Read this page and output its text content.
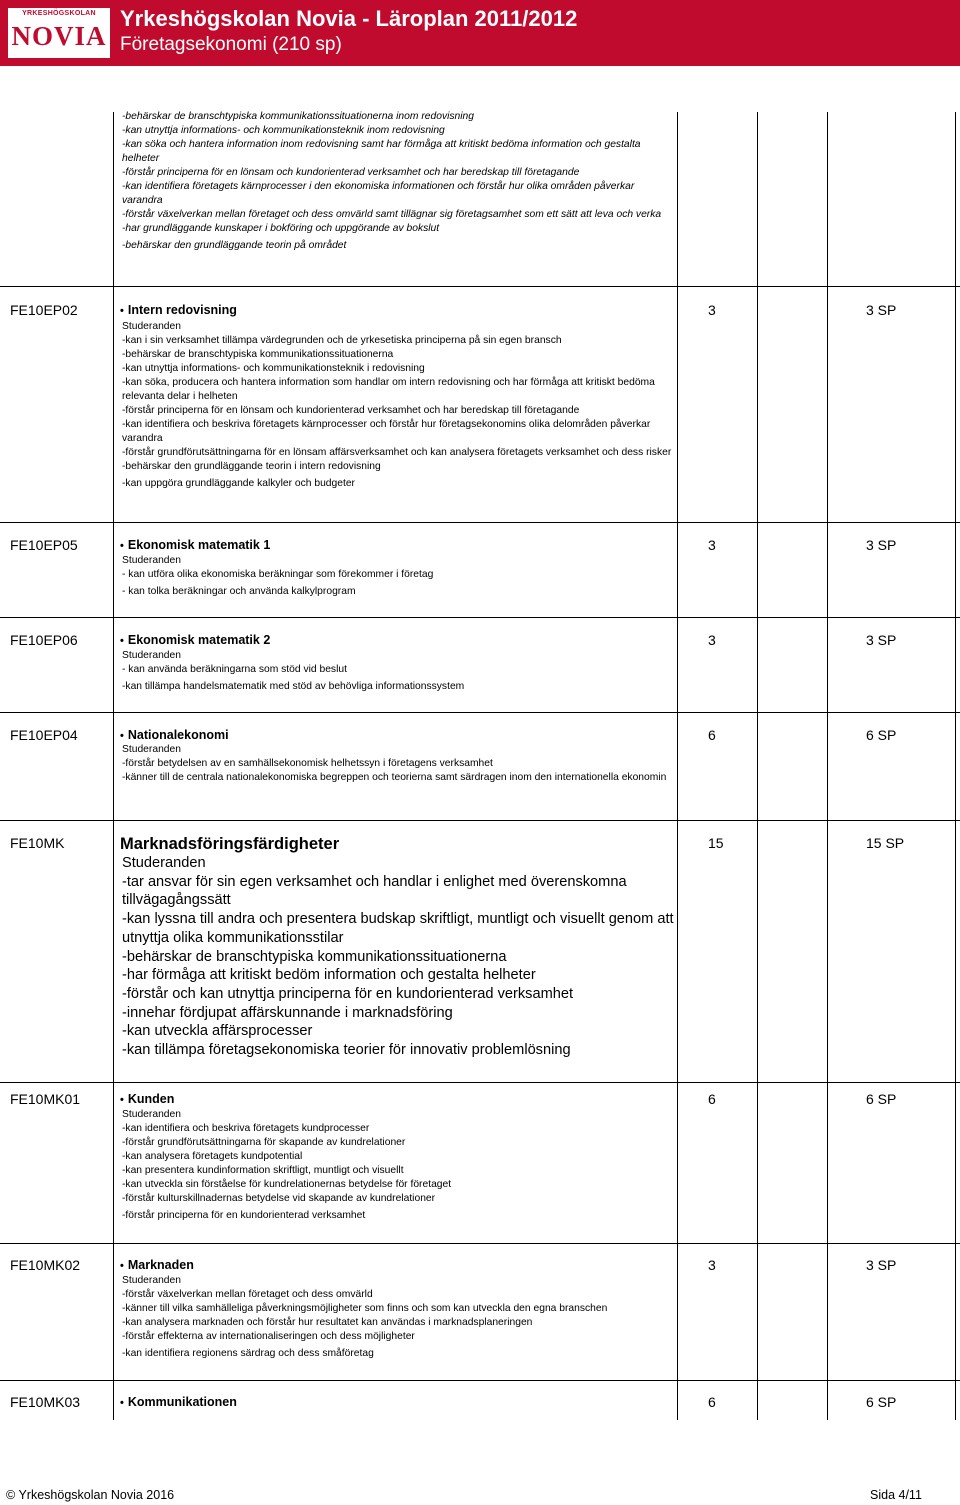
YRKESHÖGSKOLAN
NOVIA
Yrkeshögskolan Novia - Läroplan 2011/2012
Företagsekonomi (210 sp)
-behärskar de branschtypiska kommunikationssituationerna inom redovisning
-kan utnyttja informations- och kommunikationsteknik inom redovisning
-kan söka och hantera information inom redovisning samt har förmåga att kritiskt bedöma information och gestalta helheter
-förstår principerna för en lönsam och kundorienterad verksamhet och har beredskap till företagande
-kan identifiera företagets kärnprocesser i den ekonomiska informationen och förstår hur olika områden påverkar varandra
-förstår växelverkan mellan företaget och dess omvärld samt tillägnar sig företagsamhet som ett sätt att leva och verka
-har grundläggande kunskaper i bokföring och uppgörande av bokslut
-behärskar den grundläggande teorin på området
FE10EP02	• Intern redovisning	3	3 SP
Studeranden
-kan i sin verksamhet tillämpa värdegrunden och de yrkesetiska principerna på sin egen bransch
-behärskar de branschtypiska kommunikationssituationerna
-kan utnyttja informations- och kommunikationsteknik i redovisning
-kan söka, producera och hantera information som handlar om intern redovisning och har förmåga att kritiskt bedöma relevanta delar i helheten
-förstår principerna för en lönsam och kundorienterad verksamhet och har beredskap till företagande
-kan identifiera och beskriva företagets kärnprocesser och förstår hur företagsekonomins olika delområden påverkar varandra
-förstår grundförutsättningarna för en lönsam affärsverksamhet och kan analysera företagets verksamhet och dess risker
-behärskar den grundläggande teorin i intern redovisning
-kan uppgöra grundläggande kalkyler och budgeter
FE10EP05	• Ekonomisk matematik 1	3	3 SP
Studeranden
- kan utföra olika ekonomiska beräkningar som förekommer i företag
- kan tolka beräkningar och använda kalkylprogram
FE10EP06	• Ekonomisk matematik 2	3	3 SP
Studeranden
- kan använda beräkningarna som stöd vid beslut
-kan tillämpa handelsmatematik med stöd av behövliga informationssystem
FE10EP04	• Nationalekonomi	6	6 SP
Studeranden
-förstår betydelsen av en samhällsekonomisk helhetssyn i företagens verksamhet
-känner till de centrala nationalekonomiska begreppen och teorierna samt särdragen inom den internationella ekonomin
FE10MK	Marknadsföringsfärdigheter	15	15 SP
Studeranden
-tar ansvar för sin egen verksamhet och handlar i enlighet med överenskomna tillvägagångssätt
-kan lyssna till andra och presentera budskap skriftligt, muntligt och visuellt genom att utnyttja olika kommunikationsstilar
-behärskar de branschtypiska kommunikationssituationerna
-har förmåga att kritiskt bedöm information och gestalta helheter
-förstår och kan utnyttja principerna för en kundorienterad verksamhet
-innehar fördjupat affärskunnande i marknadsföring
-kan utveckla affärsprocesser
-kan tillämpa företagsekonomiska teorier för innovativ problemlösning
FE10MK01	• Kunden	6	6 SP
Studeranden
-kan identifiera och beskriva företagets kundprocesser
-förstår grundförutsättningarna för skapande av kundrelationer
-kan analysera företagets kundpotential
-kan presentera kundinformation skriftligt, muntligt och visuellt
-kan utveckla sin förståelse för kundrelationernas betydelse för företaget
-förstår kulturskillnadernas betydelse vid skapande av kundrelationer
-förstår principerna för en kundorienterad verksamhet
FE10MK02	• Marknaden	3	3 SP
Studeranden
-förstår växelverkan mellan företaget och dess omvärld
-känner till vilka samhälleliga påverkningsmöjligheter som finns och som kan utveckla den egna branschen
-kan analysera marknaden och förstår hur resultatet kan användas i marknadsplaneringen
-förstår effekterna av internationaliseringen och dess möjligheter
-kan identifiera regionens särdrag och dess småföretag
FE10MK03	• Kommunikationen	6	6 SP
© Yrkeshögskolan Novia 2016	Sida 4/11
